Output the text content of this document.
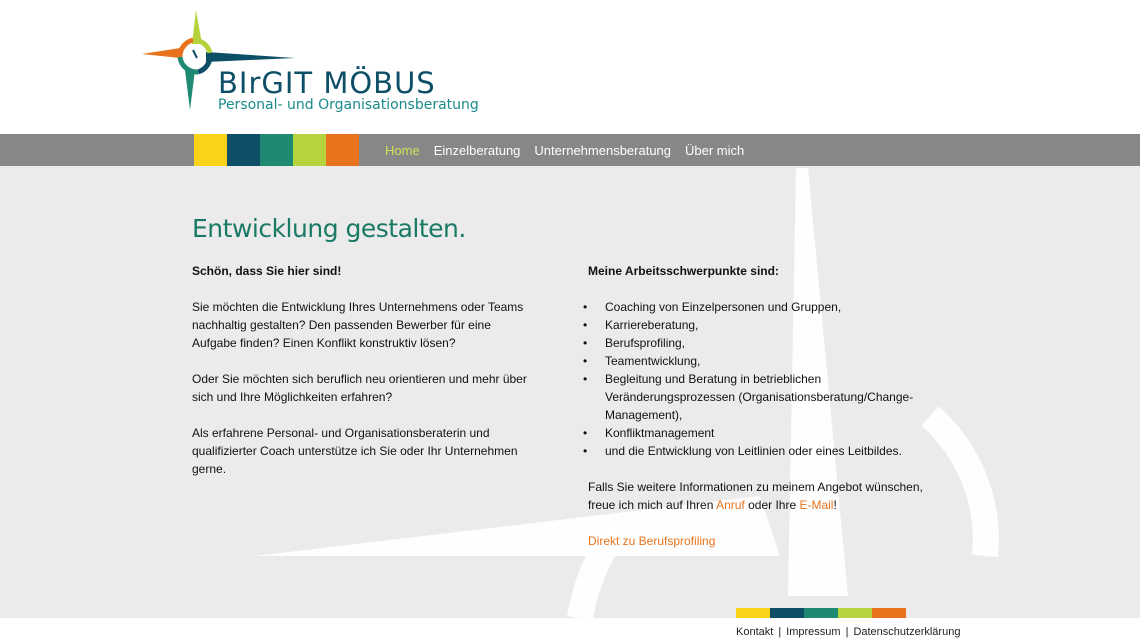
BIrGIT MÖBUS
Personal- und Organisationsberatung
Home Einzelberatung Unternehmensberatung Über mich
Entwicklung gestalten.

Schön, dass Sie hier sind!

Sie möchten die Entwicklung Ihres Unternehmens oder Teams nachhaltig gestalten? Den passenden Bewerber für eine Aufgabe finden? Einen Konflikt konstruktiv lösen?

Oder Sie möchten sich beruflich neu orientieren und mehr über sich und Ihre Möglichkeiten erfahren?

Als erfahrene Personal- und Organisationsberaterin und qualifizierter Coach unterstütze ich Sie oder Ihr Unternehmen gerne.

Meine Arbeitsschwerpunkte sind:

• Coaching von Einzelpersonen und Gruppen,
• Karriereberatung,
• Berufsprofiling,
• Teamentwicklung,
• Begleitung und Beratung in betrieblichen Veränderungsprozessen (Organisationsberatung/Change-Management),
• Konfliktmanagement
• und die Entwicklung von Leitlinien oder eines Leitbildes.

Falls Sie weitere Informationen zu meinem Angebot wünschen, freue ich mich auf Ihren Anruf oder Ihre E-Mail!

Direkt zu Berufsprofiling

Kontakt | Impressum | Datenschutzerklärung
